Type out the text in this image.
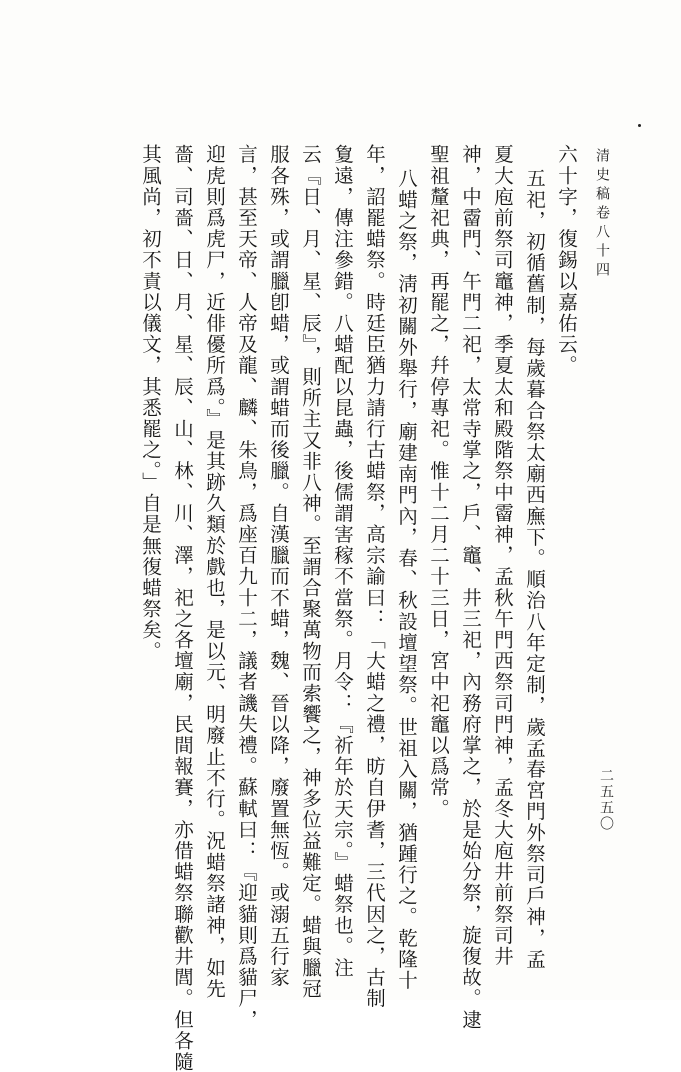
清史稿卷八十四
二五五〇
六十字，復錫以嘉佑云。
五祀，初循舊制，每歲暮合祭太廟西廡下。順治八年定制，歲孟春宮門外祭司戶神，孟
夏大庖前祭司竈神，季夏太和殿階祭中霤神，孟秋午門西祭司門神，孟冬大庖井前祭司井
神，中霤門、午門二祀，太常寺掌之，戶、竈、井三祀，內務府掌之，於是始分祭，旋復故。逮
聖祖釐祀典，再罷之，幷停專祀。惟十二月二十三日，宮中祀竈以爲常。
八蜡之祭，淸初關外舉行，廟建南門內，春、秋設壇望祭。世祖入關，猶踵行之。乾隆十
年，詔罷蜡祭。時廷臣猶力請行古蜡祭，高宗諭曰：「大蜡之禮，昉自伊耆，三代因之，古制
夐遠，傳注參錯。八蜡配以昆蟲，後儒謂害稼不當祭。月令：『祈年於天宗。』蜡祭也。注
云『日、月、星、辰』，則所主又非八神。至謂合聚萬物而索饗之，神多位益難定。蜡與臘冠
服各殊，或謂臘卽蜡，或謂蜡而後臘。自漢臘而不蜡，魏、晉以降，廢置無恆。或溺五行家
言，甚至天帝、人帝及龍、麟、朱鳥，爲座百九十二，議者譏失禮。蘇軾曰：『迎貓則爲貓尸，
迎虎則爲虎尸，近俳優所爲。』是其跡久類於戲也，是以元、明廢止不行。況蜡祭諸神，如先
嗇、司嗇、日、月、星、辰、山、林、川、澤，祀之各壇廟，民間報賽，亦借蜡祭聯歡井閭。但各隨
其風尚，初不責以儀文，其悉罷之。」自是無復蜡祭矣。
